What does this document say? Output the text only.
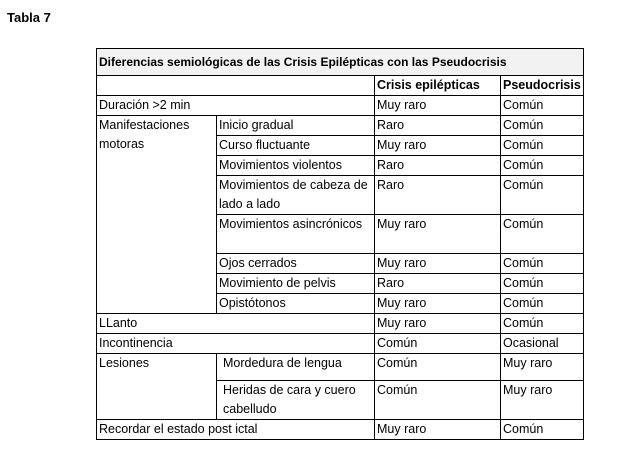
Tabla 7
Diferencias semiológicas de las Crisis Epilépticas con las Pseudocrisis			
		Crisis epilépticas	Pseudocrisis
Duración >2 min		Muy raro	Común
Manifestaciones motoras	Inicio gradual	Raro	Común
	Curso fluctuante	Muy raro	Común
	Movimientos violentos	Raro	Común
	Movimientos de cabeza de lado a lado	Raro	Común
	Movimientos asincrónicos	Muy raro	Común
	Ojos cerrados	Muy raro	Común
	Movimiento de pelvis	Raro	Común
	Opistótonos	Muy raro	Común
LLanto		Muy raro	Común
Incontinencia		Común	Ocasional
Lesiones	Mordedura de lengua	Común	Muy raro
	Heridas de cara y cuero cabelludo	Común	Muy raro
Recordar el estado post ictal		Muy raro	Común
